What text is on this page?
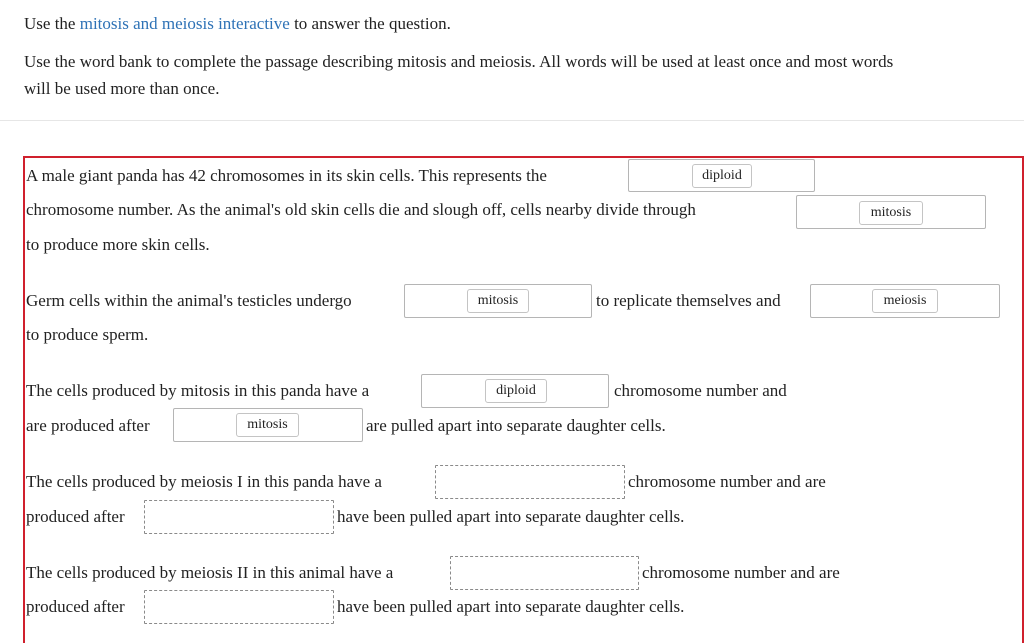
Use the mitosis and meiosis interactive to answer the question.
Use the word bank to complete the passage describing mitosis and meiosis. All words will be used at least once and most words
will be used more than once.
A male giant panda has 42 chromosomes in its skin cells. This represents the	diploid
chromosome number. As the animal's old skin cells die and slough off, cells nearby divide through	mitosis
to produce more skin cells.
Germ cells within the animal's testicles undergo	mitosis	to replicate themselves and	meiosis
to produce sperm.
The cells produced by mitosis in this panda have a	diploid	chromosome number and
are produced after	mitosis	are pulled apart into separate daughter cells.
The cells produced by meiosis I in this panda have a	chromosome number and are
produced after	have been pulled apart into separate daughter cells.
The cells produced by meiosis II in this animal have a	chromosome number and are
produced after	have been pulled apart into separate daughter cells.
